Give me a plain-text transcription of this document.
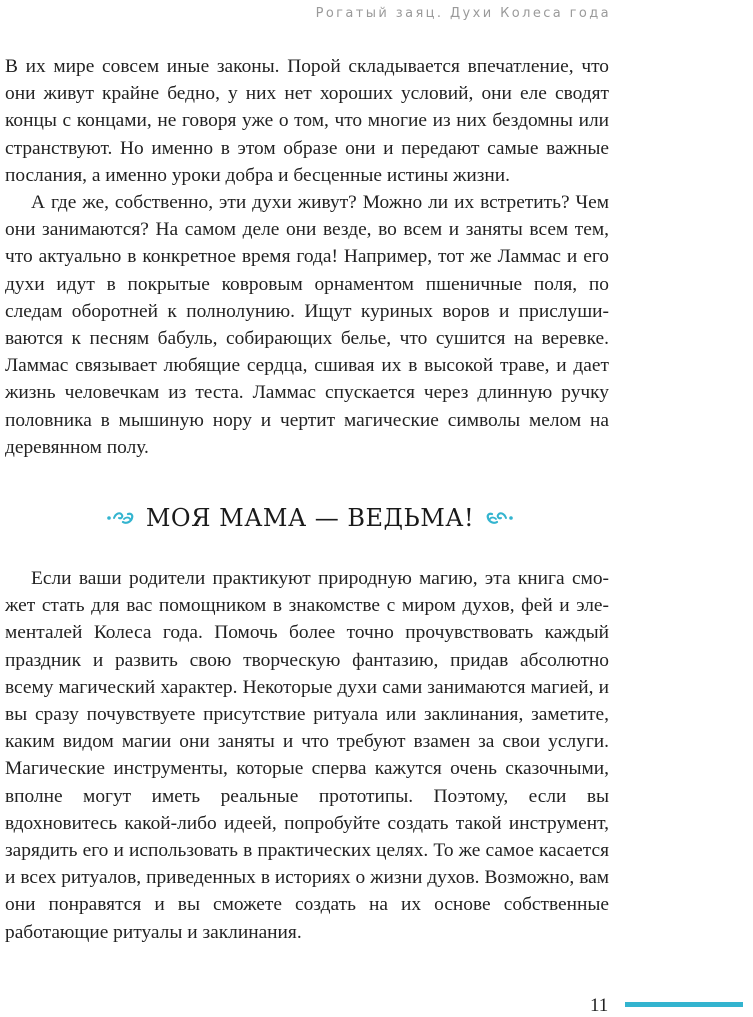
Рогатый заяц. Духи Колеса года

В их мире совсем иные законы. Порой складывается впечатление, что они живут крайне бедно, у них нет хороших условий, они еле сводят концы с концами, не говоря уже о том, что многие из них бездомны или странствуют. Но именно в этом образе они и передают самые важные послания, а именно уроки добра и бесценные истины жизни.

А где же, собственно, эти духи живут? Можно ли их встретить? Чем они занимаются? На самом деле они везде, во всем и заняты всем тем, что актуально в конкретное время года! Например, тот же Ламмас и его духи идут в покрытые ковровым орнаментом пшеничные поля, по следам оборотней к полнолунию. Ищут куриных воров и прислушиваются к песням бабуль, собирающих белье, что сушится на веревке. Ламмас связывает любящие сердца, сшивая их в высокой траве, и дает жизнь человечкам из теста. Ламмас спускается через длинную ручку половника в мышиную нору и чертит магические символы мелом на деревянном полу.

МОЯ МАМА — ВЕДЬМА!

Если ваши родители практикуют природную магию, эта книга сможет стать для вас помощником в знакомстве с миром духов, фей и элементалей Колеса года. Помочь более точно прочувствовать каждый праздник и развить свою творческую фантазию, придав абсолютно всему магический характер. Некоторые духи сами занимаются магией, и вы сразу почувствуете присутствие ритуала или заклинания, заметите, каким видом магии они заняты и что требуют взамен за свои услуги. Магические инструменты, которые сперва кажутся очень сказочными, вполне могут иметь реальные прототипы. Поэтому, если вы вдохновитесь какой-либо идеей, попробуйте создать такой инструмент, зарядить его и использовать в практических целях. То же самое касается и всех ритуалов, приведенных в историях о жизни духов. Возможно, вам они понравятся и вы сможете создать на их основе собственные работающие ритуалы и заклинания.

11
